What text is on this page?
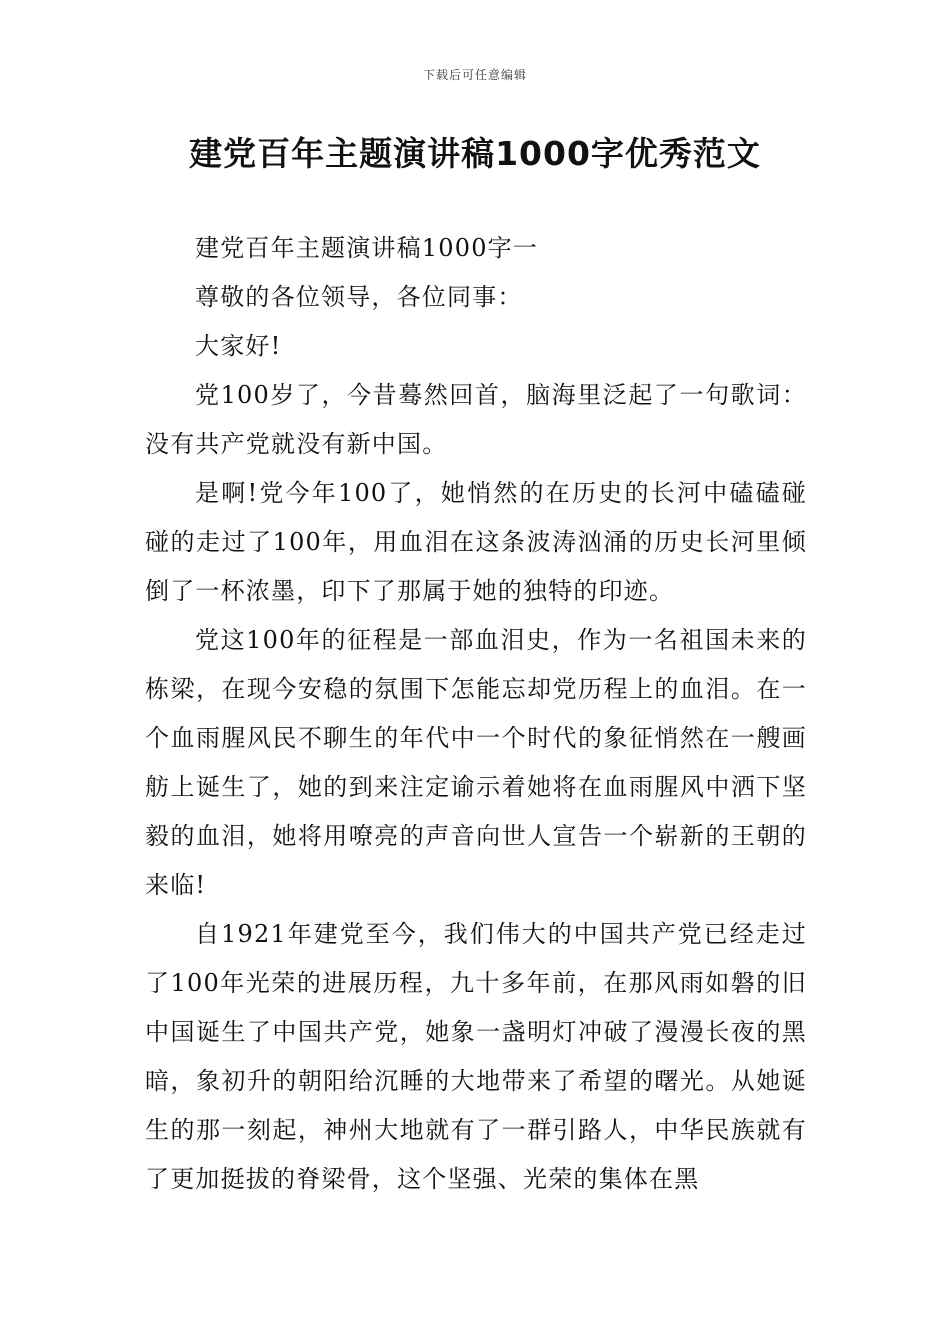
下载后可任意编辑
建党百年主题演讲稿1000字优秀范文

建党百年主题演讲稿1000字一

尊敬的各位领导，各位同事：

大家好!

党100岁了，今昔蓦然回首，脑海里泛起了一句歌词：没有共产党就没有新中国。

是啊!党今年100了，她悄然的在历史的长河中磕磕碰碰的走过了100年，用血泪在这条波涛汹涌的历史长河里倾倒了一杯浓墨，印下了那属于她的独特的印迹。

党这100年的征程是一部血泪史，作为一名祖国未来的栋梁，在现今安稳的氛围下怎能忘却党历程上的血泪。在一个血雨腥风民不聊生的年代中一个时代的象征悄然在一艘画舫上诞生了，她的到来注定谕示着她将在血雨腥风中洒下坚毅的血泪，她将用嘹亮的声音向世人宣告一个崭新的王朝的来临!

自1921年建党至今，我们伟大的中国共产党已经走过了100年光荣的进展历程，九十多年前，在那风雨如磐的旧中国诞生了中国共产党，她象一盏明灯冲破了漫漫长夜的黑暗，象初升的朝阳给沉睡的大地带来了希望的曙光。从她诞生的那一刻起，神州大地就有了一群引路人，中华民族就有了更加挺拔的脊梁骨，这个坚强、光荣的集体在黑
